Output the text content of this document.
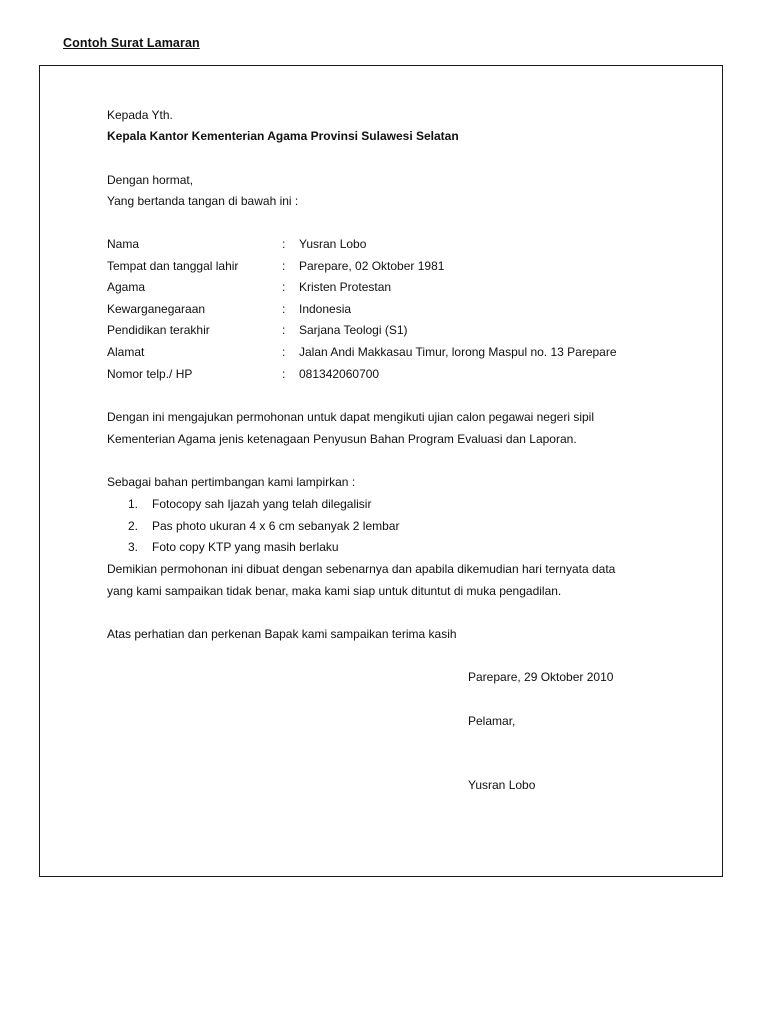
Contoh Surat Lamaran
Kepada Yth.
Kepala Kantor Kementerian Agama Provinsi Sulawesi Selatan
Dengan hormat,
Yang bertanda tangan di bawah ini :
Nama	: Yusran Lobo
Tempat dan tanggal lahir	: Parepare, 02 Oktober 1981
Agama	: Kristen Protestan
Kewarganegaraan	: Indonesia
Pendidikan terakhir	: Sarjana Teologi (S1)
Alamat	: Jalan Andi Makkasau Timur, lorong Maspul no. 13 Parepare
Nomor telp./ HP	: 081342060700
Dengan ini mengajukan permohonan untuk dapat mengikuti ujian calon pegawai negeri sipil
Kementerian Agama jenis ketenagaan Penyusun Bahan Program Evaluasi dan Laporan.
Sebagai bahan pertimbangan kami lampirkan :
1. Fotocopy sah Ijazah yang telah dilegalisir
2. Pas photo ukuran 4 x 6 cm sebanyak 2 lembar
3. Foto copy KTP yang masih berlaku
Demikian permohonan ini dibuat dengan sebenarnya dan apabila dikemudian hari ternyata data
yang kami sampaikan tidak benar, maka kami siap untuk dituntut di muka pengadilan.
Atas perhatian dan perkenan Bapak kami sampaikan terima kasih
Parepare, 29 Oktober 2010
Pelamar,
Yusran Lobo
